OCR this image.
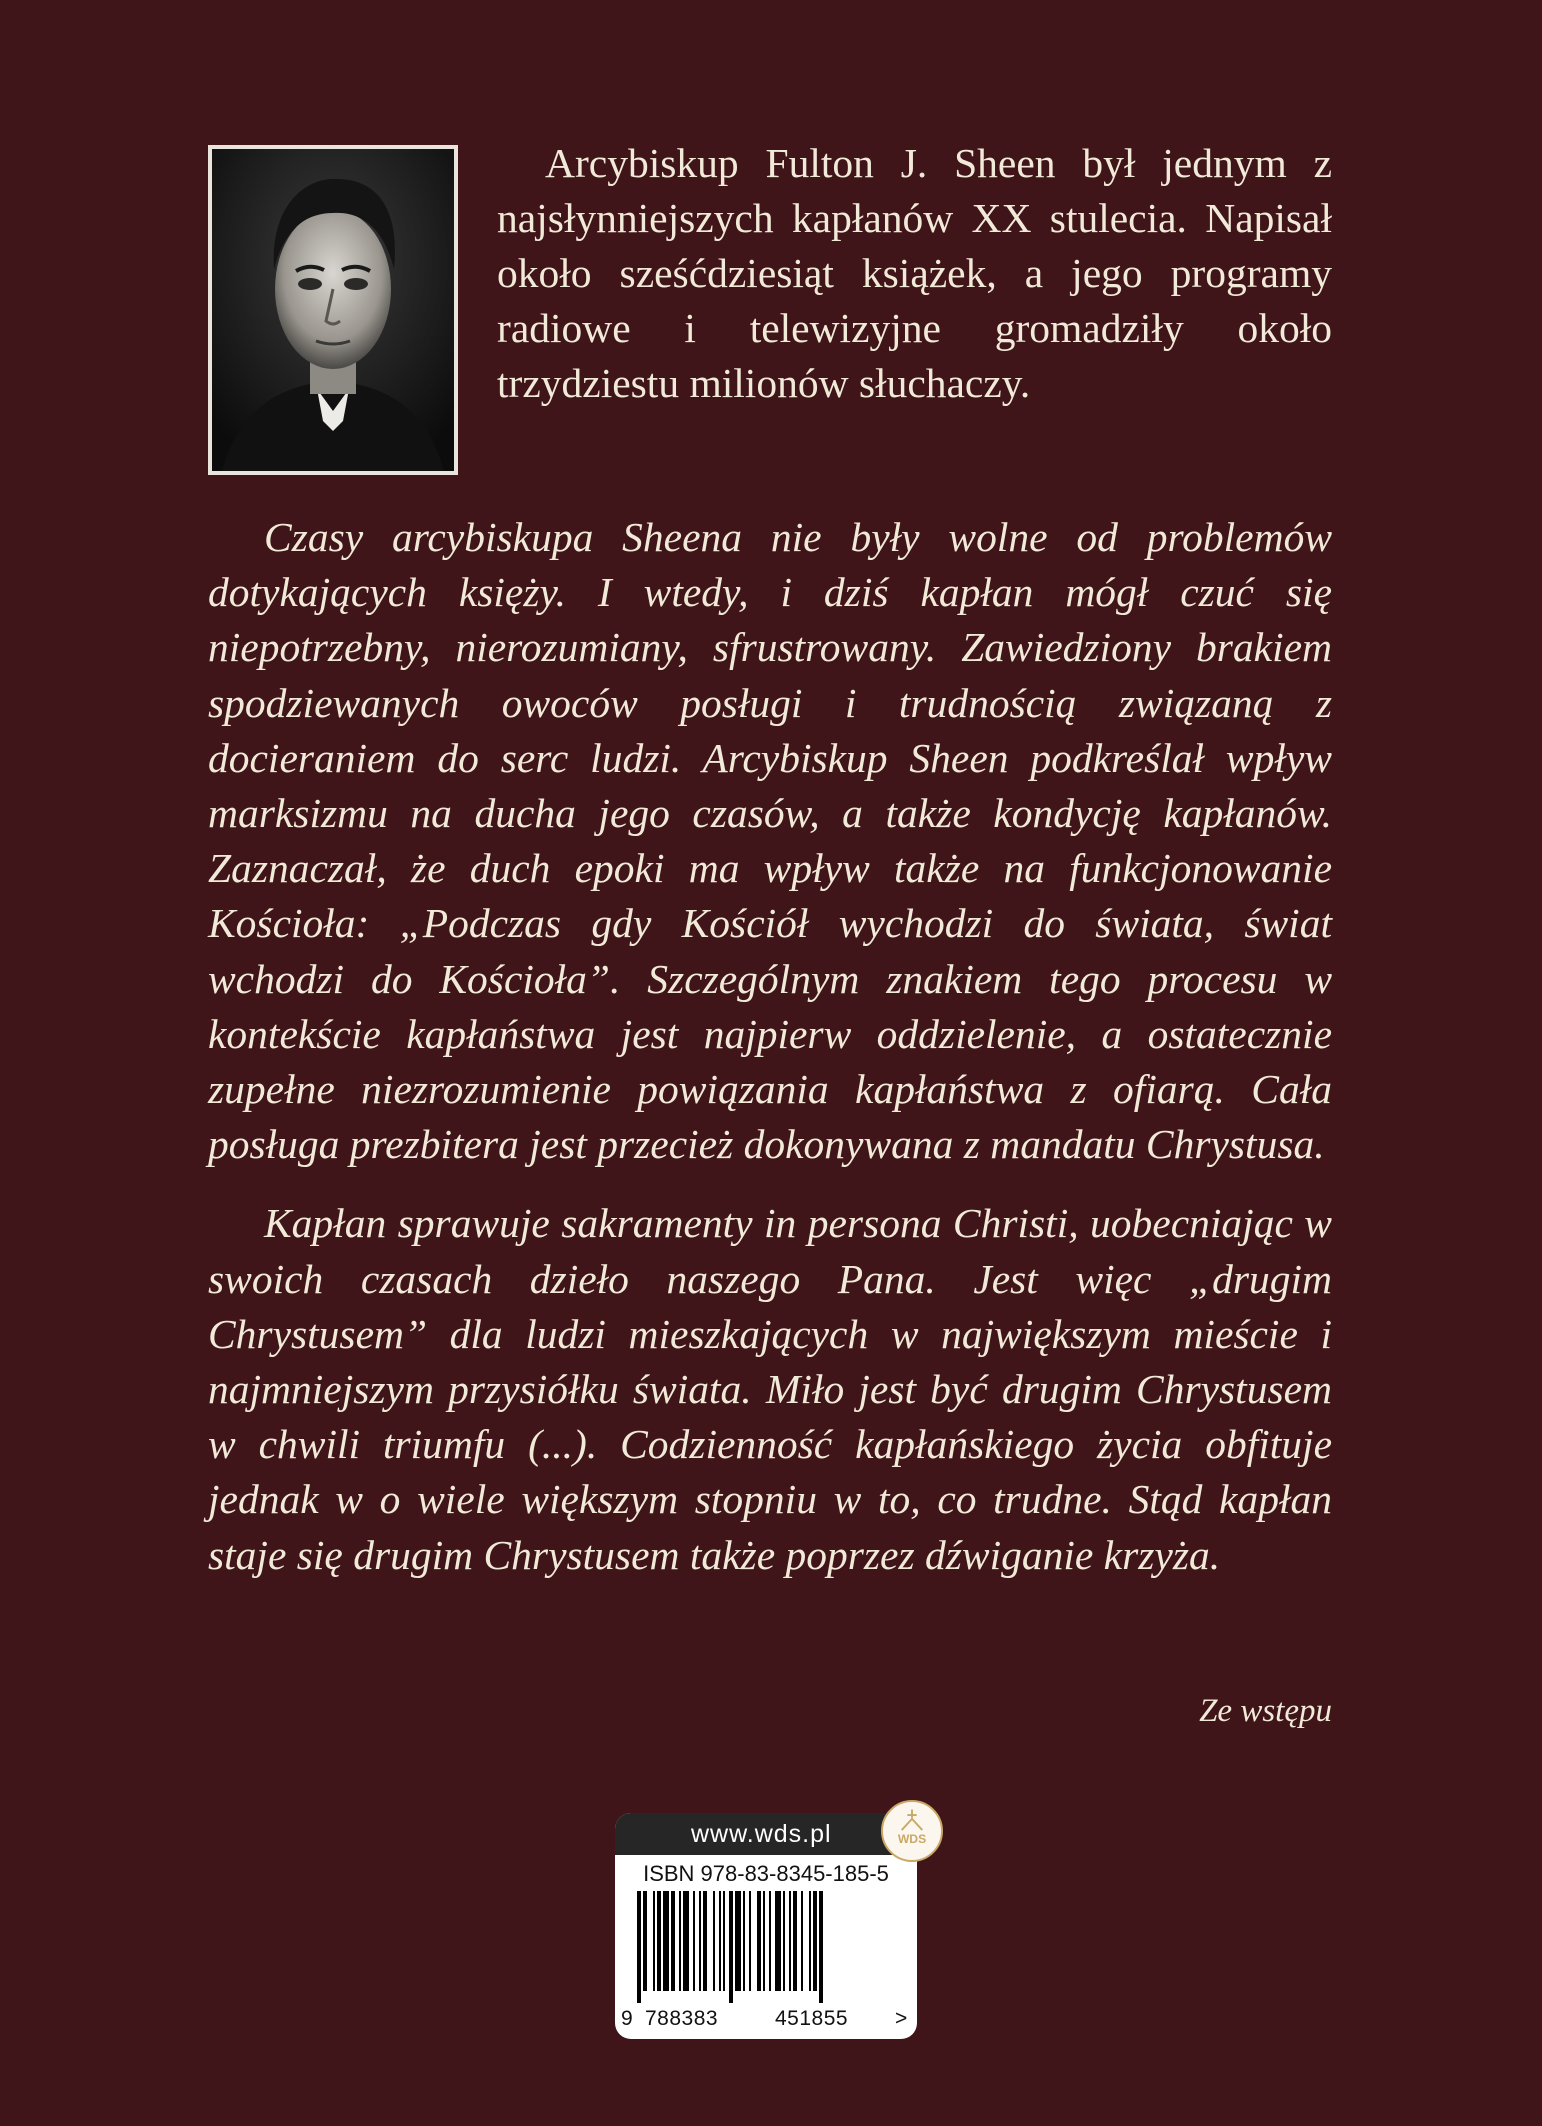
Arcybiskup Fulton J. Sheen był jednym z najsłynniejszych kapłanów XX stulecia. Napisał około sześćdziesiąt książek, a jego programy radiowe i telewizyjne gromadziły około trzydziestu milionów słuchaczy.

Czasy arcybiskupa Sheena nie były wolne od problemów dotykających księży. I wtedy, i dziś kapłan mógł czuć się niepotrzebny, nierozumiany, sfrustrowany. Zawiedziony brakiem spodziewanych owoców posługi i trudnością związaną z docieraniem do serc ludzi. Arcybiskup Sheen podkreślał wpływ marksizmu na ducha jego czasów, a także kondycję kapłanów. Zaznaczał, że duch epoki ma wpływ także na funkcjonowanie Kościoła: „Podczas gdy Kościół wychodzi do świata, świat wchodzi do Kościoła”. Szczególnym znakiem tego procesu w kontekście kapłaństwa jest najpierw oddzielenie, a ostatecznie zupełne niezrozumienie powiązania kapłaństwa z ofiarą. Cała posługa prezbitera jest przecież dokonywana z mandatu Chrystusa.

Kapłan sprawuje sakramenty in persona Christi, uobecniając w swoich czasach dzieło naszego Pana. Jest więc „drugim Chrystusem” dla ludzi mieszkających w największym mieście i najmniejszym przysiółku świata. Miło jest być drugim Chrystusem w chwili triumfu (...). Codzienność kapłańskiego życia obfituje jednak w o wiele większym stopniu w to, co trudne. Stąd kapłan staje się drugim Chrystusem także poprzez dźwiganie krzyża.

Ze wstępu
www.wds.pl
ISBN 978-83-8345-185-5
9 788383	451855 >
WDS
